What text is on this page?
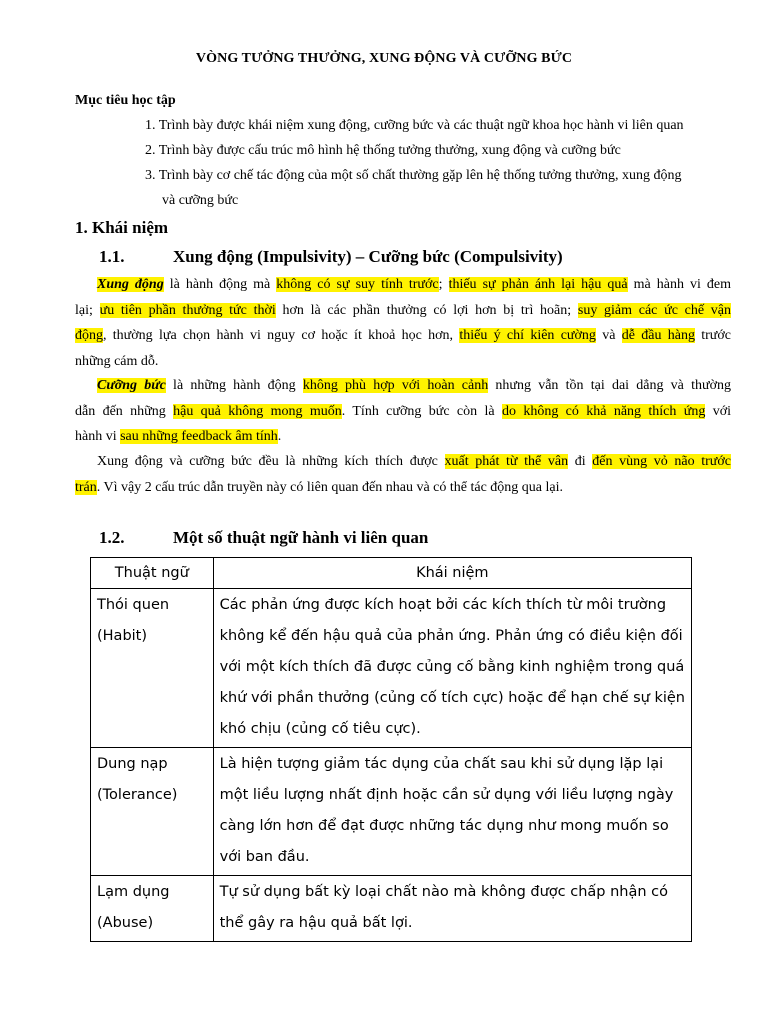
VÒNG TƯỞNG THƯỞNG, XUNG ĐỘNG VÀ CƯỠNG BỨC
Mục tiêu học tập
1. Trình bày được khái niệm xung động, cưỡng bức và các thuật ngữ khoa học hành vi liên quan
2. Trình bày được cấu trúc mô hình hệ thống tưởng thưởng, xung động và cưỡng bức
3. Trình bày cơ chế tác động của một số chất thường gặp lên hệ thống tưởng thưởng, xung động
và cưỡng bức
1. Khái niệm
1.1.	Xung động (Impulsivity) – Cưỡng bức (Compulsivity)
Xung động là hành động mà không có sự suy tính trước; thiếu sự phản ánh lại hậu quả mà hành vi đem
lại; ưu tiên phần thưởng tức thời hơn là các phần thưởng có lợi hơn bị trì hoãn; suy giảm các ức chế vận
động, thường lựa chọn hành vi nguy cơ hoặc ít khoả học hơn, thiếu ý chí kiên cường và dễ đầu hàng trước
những cám dỗ.
Cưỡng bức là những hành động không phù hợp với hoàn cảnh nhưng vẫn tồn tại dai dẳng và thường
dẫn đến những hậu quả không mong muốn. Tính cưỡng bức còn là do không có khả năng thích ứng với
hành vi sau những feedback âm tính.
Xung động và cưỡng bức đều là những kích thích được xuất phát từ thể vân đi đến vùng vỏ não trước
trán. Vì vậy 2 cấu trúc dẫn truyền này có liên quan đến nhau và có thể tác động qua lại.
1.2.	Một số thuật ngữ hành vi liên quan
Thuật ngữ	Khái niệm

Thói quen
(Habit)	Các phản ứng được kích hoạt bởi các kích thích từ môi trường
không kể đến hậu quả của phản ứng. Phản ứng có điều kiện đối
với một kích thích đã được củng cố bằng kinh nghiệm trong quá
khứ với phần thưởng (củng cố tích cực) hoặc để hạn chế sự kiện
khó chịu (củng cố tiêu cực).

Dung nạp
(Tolerance)	Là hiện tượng giảm tác dụng của chất sau khi sử dụng lặp lại
một liều lượng nhất định hoặc cần sử dụng với liều lượng ngày
càng lớn hơn để đạt được những tác dụng như mong muốn so
với ban đầu.

Lạm dụng
(Abuse)	Tự sử dụng bất kỳ loại chất nào mà không được chấp nhận có
thể gây ra hậu quả bất lợi.
